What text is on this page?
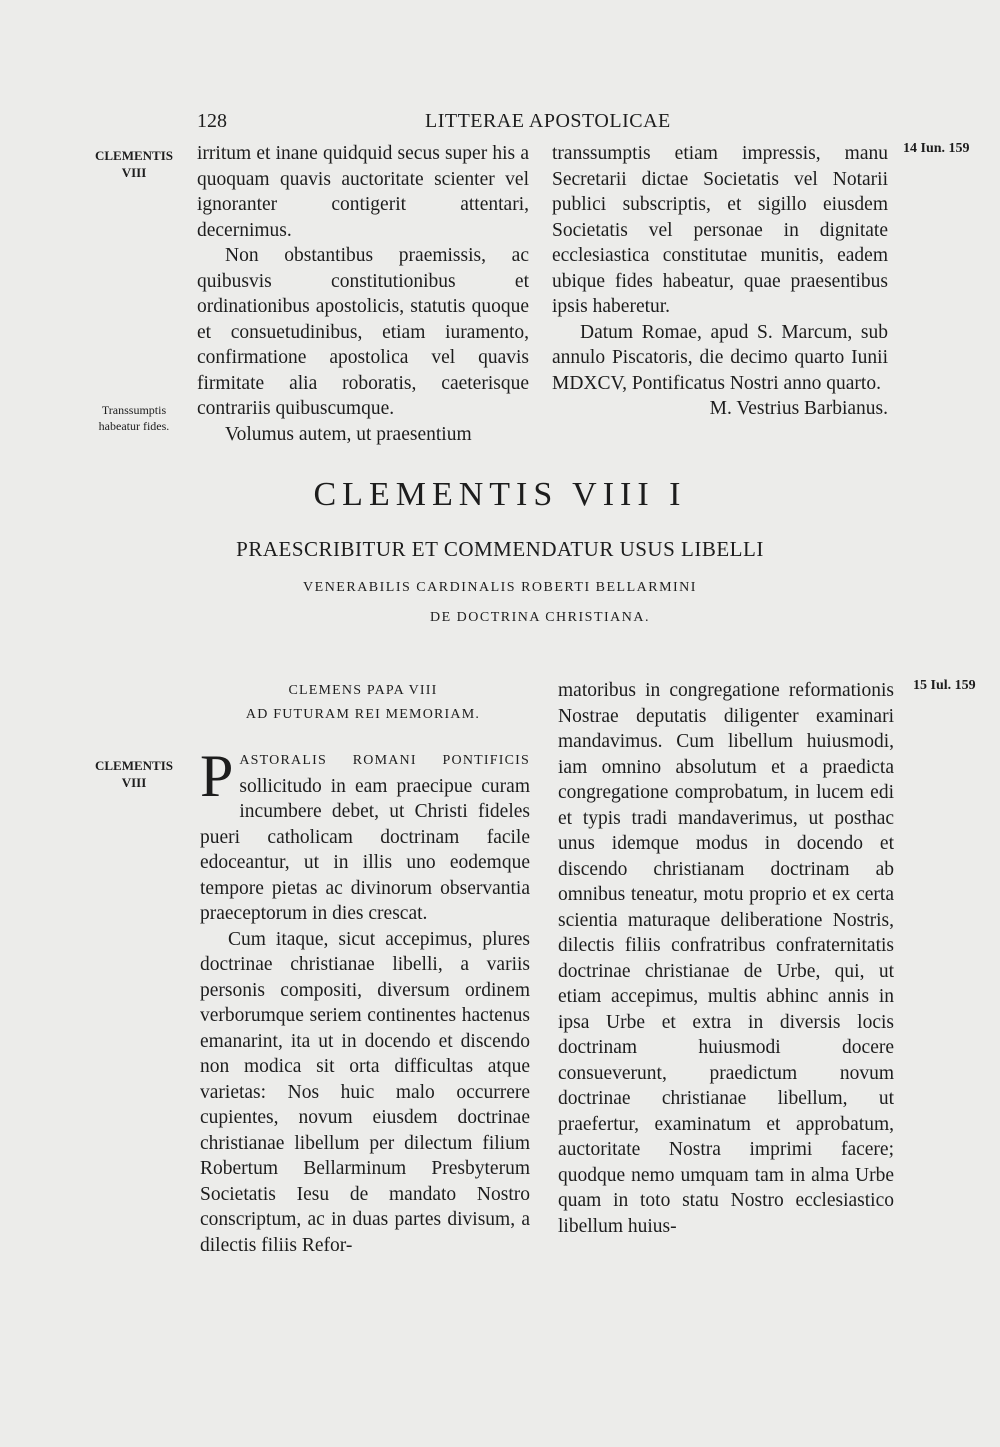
128	LITTERAE APOSTOLICAE
CLEMENTIS VIII
Transsumptis habeatur fides.
CLEMENTIS VIII
14 Iun. 159
15 Iul. 159

irritum et inane quidquid secus super his a quoquam quavis auctoritate scienter vel ignoranter contigerit attentari, decernimus.

Non obstantibus praemissis, ac quibusvis constitutionibus et ordinationibus apostolicis, statutis quoque et consuetudinibus, etiam iuramento, confirmatione apostolica vel quavis firmitate alia roboratis, caeterisque contrariis quibuscumque.

Volumus autem, ut praesentium

transsumptis etiam impressis, manu Secretarii dictae Societatis vel Notarii publici subscriptis, et sigillo eiusdem Societatis vel personae in dignitate ecclesiastica constitutae munitis, eadem ubique fides habeatur, quae praesentibus ipsis haberetur.

Datum Romae, apud S. Marcum, sub annulo Piscatoris, die decimo quarto Iunii MDXCV, Pontificatus Nostri anno quarto.

M. Vestrius Barbianus.

CLEMENTIS VIII I
PRAESCRIBITUR ET COMMENDATUR USUS LIBELLI
VENERABILIS CARDINALIS ROBERTI BELLARMINI
DE DOCTRINA CHRISTIANA.
CLEMENS PAPA VIII
AD FUTURAM REI MEMORIAM.

PASTORALIS ROMANI PONTIFICIS sollicitudo in eam praecipue curam incumbere debet, ut Christi fideles pueri catholicam doctrinam facile edoceantur, ut in illis uno eodemque tempore pietas ac divinorum observantia praeceptorum in dies crescat.

Cum itaque, sicut accepimus, plures doctrinae christianae libelli, a variis personis compositi, diversum ordinem verborumque seriem continentes hactenus emanarint, ita ut in docendo et discendo non modica sit orta difficultas atque varietas: Nos huic malo occurrere cupientes, novum eiusdem doctrinae christianae libellum per dilectum filium Robertum Bellarminum Presbyterum Societatis Iesu de mandato Nostro conscriptum, ac in duas partes divisum, a dilectis filiis Refor-

matoribus in congregatione reformationis Nostrae deputatis diligenter examinari mandavimus. Cum libellum huiusmodi, iam omnino absolutum et a praedicta congregatione comprobatum, in lucem edi et typis tradi mandaverimus, ut posthac unus idemque modus in docendo et discendo christianam doctrinam ab omnibus teneatur, motu proprio et ex certa scientia maturaque deliberatione Nostris, dilectis filiis confratribus confraternitatis doctrinae christianae de Urbe, qui, ut etiam accepimus, multis abhinc annis in ipsa Urbe et extra in diversis locis doctrinam huiusmodi docere consueverunt, praedictum novum doctrinae christianae libellum, ut praefertur, examinatum et approbatum, auctoritate Nostra imprimi facere; quodque nemo umquam tam in alma Urbe quam in toto statu Nostro ecclesiastico libellum huius-
